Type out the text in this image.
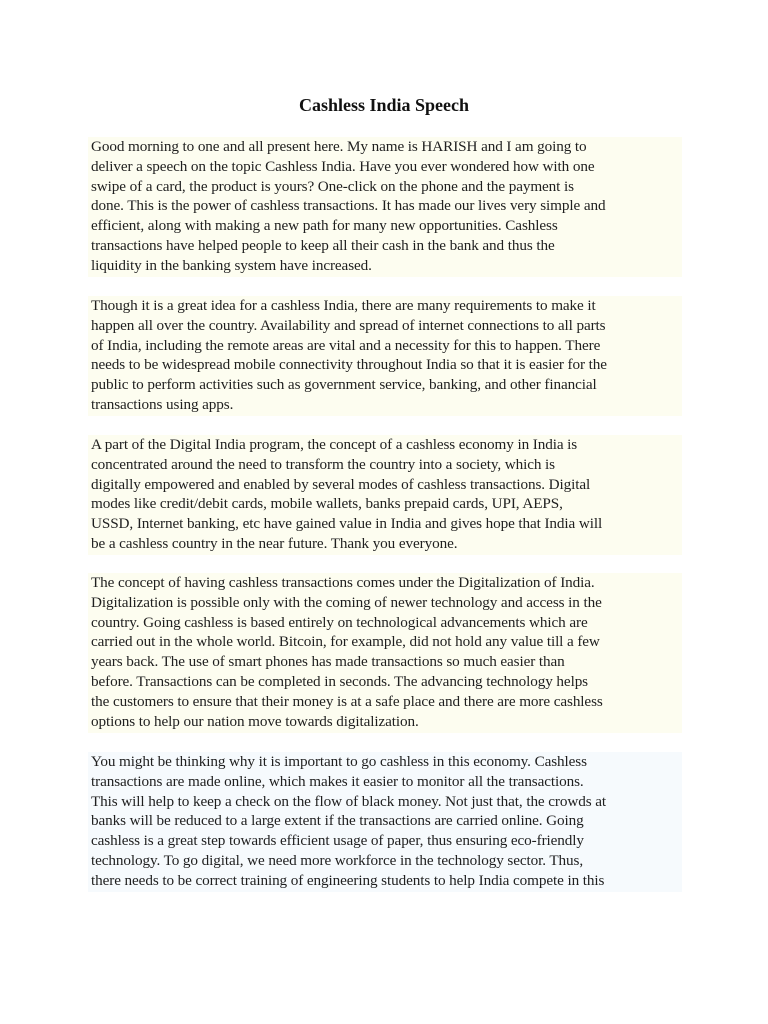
Cashless India Speech
Good morning to one and all present here. My name is HARISH and I am going to
deliver a speech on the topic Cashless India. Have you ever wondered how with one
swipe of a card, the product is yours? One-click on the phone and the payment is
done. This is the power of cashless transactions. It has made our lives very simple and
efficient, along with making a new path for many new opportunities. Cashless
transactions have helped people to keep all their cash in the bank and thus the
liquidity in the banking system have increased.
Though it is a great idea for a cashless India, there are many requirements to make it
happen all over the country. Availability and spread of internet connections to all parts
of India, including the remote areas are vital and a necessity for this to happen. There
needs to be widespread mobile connectivity throughout India so that it is easier for the
public to perform activities such as government service, banking, and other financial
transactions using apps.
A part of the Digital India program, the concept of a cashless economy in India is
concentrated around the need to transform the country into a society, which is
digitally empowered and enabled by several modes of cashless transactions. Digital
modes like credit/debit cards, mobile wallets, banks prepaid cards, UPI, AEPS,
USSD, Internet banking, etc have gained value in India and gives hope that India will
be a cashless country in the near future. Thank you everyone.
The concept of having cashless transactions comes under the Digitalization of India.
Digitalization is possible only with the coming of newer technology and access in the
country. Going cashless is based entirely on technological advancements which are
carried out in the whole world. Bitcoin, for example, did not hold any value till a few
years back. The use of smart phones has made transactions so much easier than
before. Transactions can be completed in seconds. The advancing technology helps
the customers to ensure that their money is at a safe place and there are more cashless
options to help our nation move towards digitalization.
You might be thinking why it is important to go cashless in this economy. Cashless
transactions are made online, which makes it easier to monitor all the transactions.
This will help to keep a check on the flow of black money. Not just that, the crowds at
banks will be reduced to a large extent if the transactions are carried online. Going
cashless is a great step towards efficient usage of paper, thus ensuring eco-friendly
technology. To go digital, we need more workforce in the technology sector. Thus,
there needs to be correct training of engineering students to help India compete in this
